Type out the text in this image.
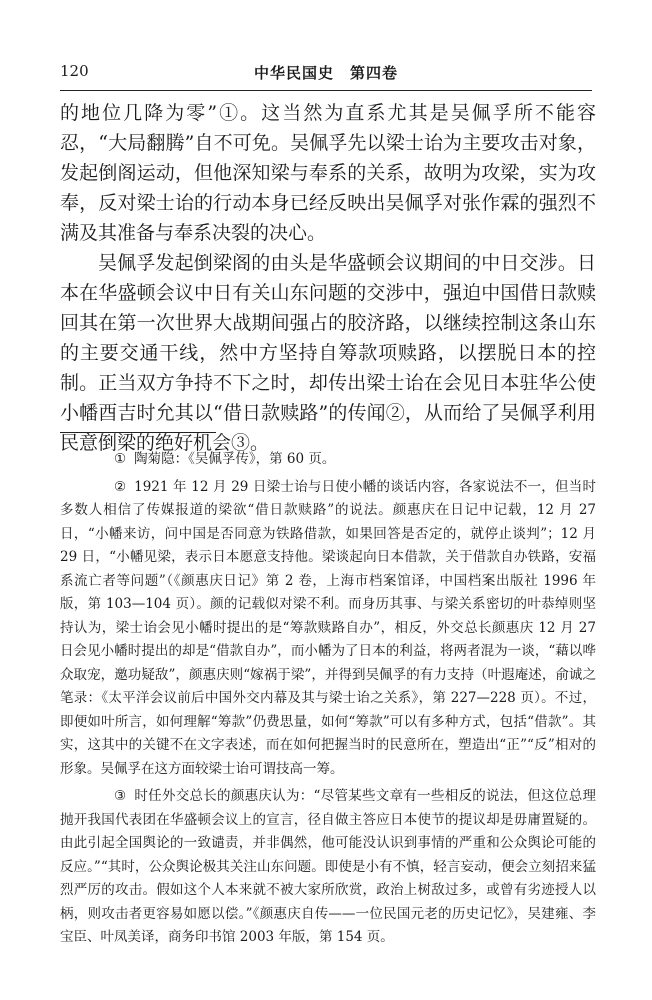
120	中华民国史　第四卷

的地位几降为零”①。这当然为直系尤其是吴佩孚所不能容忍，“大局翻腾”自不可免。吴佩孚先以梁士诒为主要攻击对象，发起倒阁运动，但他深知梁与奉系的关系，故明为攻梁，实为攻奉，反对梁士诒的行动本身已经反映出吴佩孚对张作霖的强烈不满及其准备与奉系决裂的决心。

吴佩孚发起倒梁阁的由头是华盛顿会议期间的中日交涉。日本在华盛顿会议中日有关山东问题的交涉中，强迫中国借日款赎回其在第一次世界大战期间强占的胶济路，以继续控制这条山东的主要交通干线，然中方坚持自筹款项赎路，以摆脱日本的控制。正当双方争持不下之时，却传出梁士诒在会见日本驻华公使小幡酉吉时允其以“借日款赎路”的传闻②，从而给了吴佩孚利用民意倒梁的绝好机会③。

① 陶菊隐：《吴佩孚传》，第 60 页。

② 1921 年 12 月 29 日梁士诒与日使小幡的谈话内容，各家说法不一，但当时多数人相信了传媒报道的梁欲“借日款赎路”的说法。颜惠庆在日记中记载，12 月 27 日，“小幡来访，问中国是否同意为铁路借款，如果回答是否定的，就停止谈判”；12 月 29 日，“小幡见梁，表示日本愿意支持他。梁谈起向日本借款，关于借款自办铁路，安福系流亡者等问题”（《颜惠庆日记》第 2 卷，上海市档案馆译，中国档案出版社 1996 年版，第 103—104 页）。颜的记载似对梁不利。而身历其事、与梁关系密切的叶恭绰则坚持认为，梁士诒会见小幡时提出的是“筹款赎路自办”，相反，外交总长颜惠庆 12 月 27 日会见小幡时提出的却是“借款自办”，而小幡为了日本的利益，将两者混为一谈，“藉以哗众取宠，邀功疑敌”，颜惠庆则“嫁祸于梁”，并得到吴佩孚的有力支持（叶遐庵述，俞诚之笔录：《太平洋会议前后中国外交内幕及其与梁士诒之关系》，第 227—228 页）。不过，即便如叶所言，如何理解“筹款”仍费思量，如何“筹款”可以有多种方式，包括“借款”。其实，这其中的关键不在文字表述，而在如何把握当时的民意所在，塑造出“正”“反”相对的形象。吴佩孚在这方面较梁士诒可谓技高一筹。

③ 时任外交总长的颜惠庆认为：“尽管某些文章有一些相反的说法，但这位总理抛开我国代表团在华盛顿会议上的宣言，径自做主答应日本使节的提议却是毋庸置疑的。由此引起全国舆论的一致谴责，并非偶然，他可能没认识到事情的严重和公众舆论可能的反应。”“其时，公众舆论极其关注山东问题。即使是小有不慎，轻言妄动，便会立刻招来猛烈严厉的攻击。假如这个人本来就不被大家所欣赏，政治上树敌过多，或曾有劣迹授人以柄，则攻击者更容易如愿以偿。”《颜惠庆自传——一位民国元老的历史记忆》，吴建雍、李宝臣、叶凤美译，商务印书馆 2003 年版，第 154 页。
